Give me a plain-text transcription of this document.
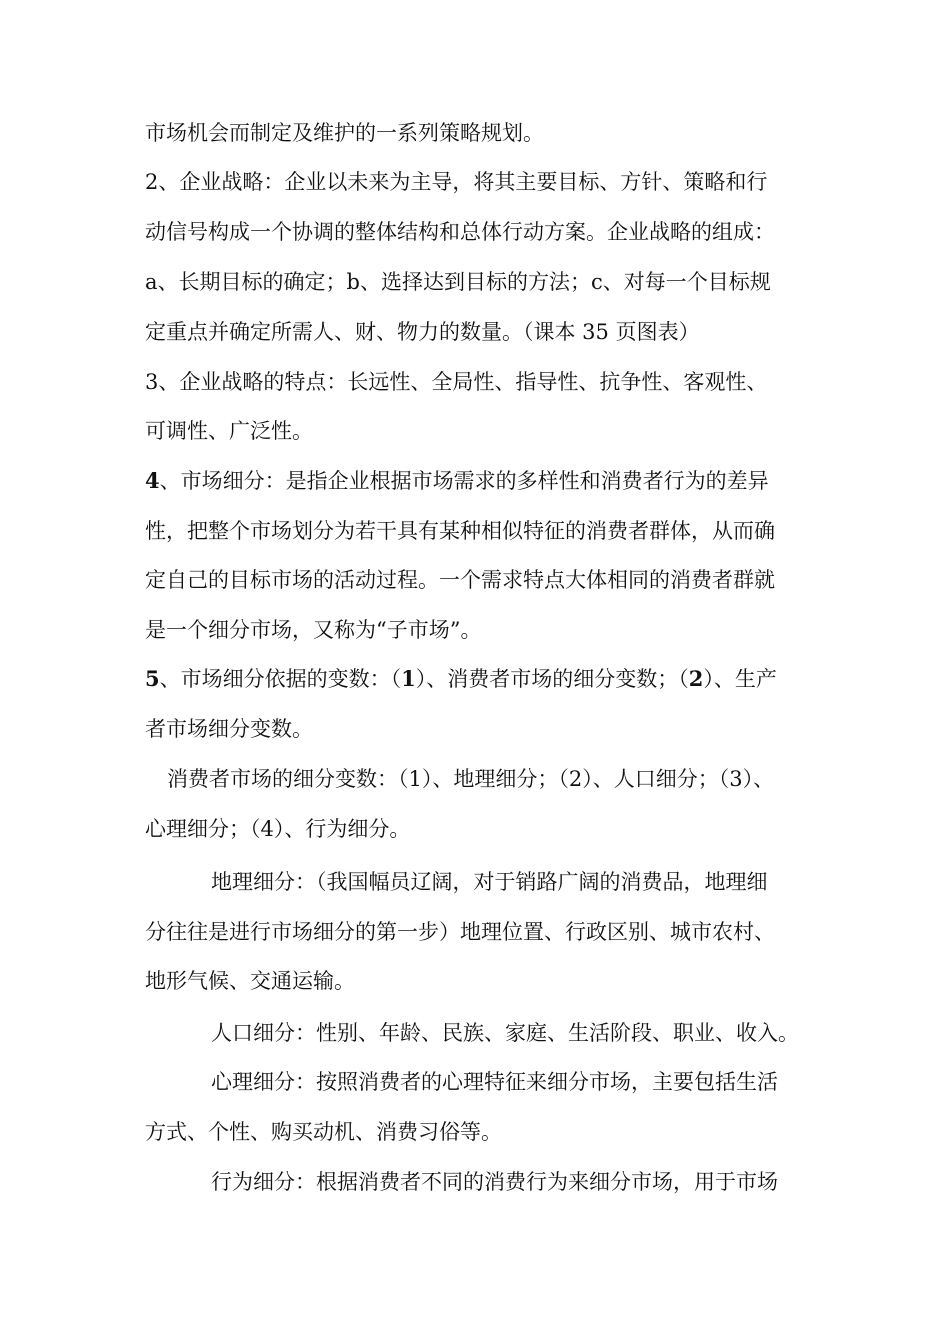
市场机会而制定及维护的一系列策略规划。
2、企业战略：企业以未来为主导，将其主要目标、方针、策略和行
动信号构成一个协调的整体结构和总体行动方案。企业战略的组成：
a、长期目标的确定；b、选择达到目标的方法；c、对每一个目标规
定重点并确定所需人、财、物力的数量。（课本 35 页图表）
3、企业战略的特点：长远性、全局性、指导性、抗争性、客观性、
可调性、广泛性。
4、市场细分：是指企业根据市场需求的多样性和消费者行为的差异
性，把整个市场划分为若干具有某种相似特征的消费者群体，从而确
定自己的目标市场的活动过程。一个需求特点大体相同的消费者群就
是一个细分市场，又称为“子市场”。
5、市场细分依据的变数：（1）、消费者市场的细分变数；（2）、生产
者市场细分变数。
消费者市场的细分变数：（1）、地理细分；（2）、人口细分；（3）、
心理细分；（4）、行为细分。
地理细分：（我国幅员辽阔，对于销路广阔的消费品，地理细
分往往是进行市场细分的第一步）地理位置、行政区别、城市农村、
地形气候、交通运输。
人口细分：性别、年龄、民族、家庭、生活阶段、职业、收入。
心理细分：按照消费者的心理特征来细分市场，主要包括生活
方式、个性、购买动机、消费习俗等。
行为细分：根据消费者不同的消费行为来细分市场，用于市场
